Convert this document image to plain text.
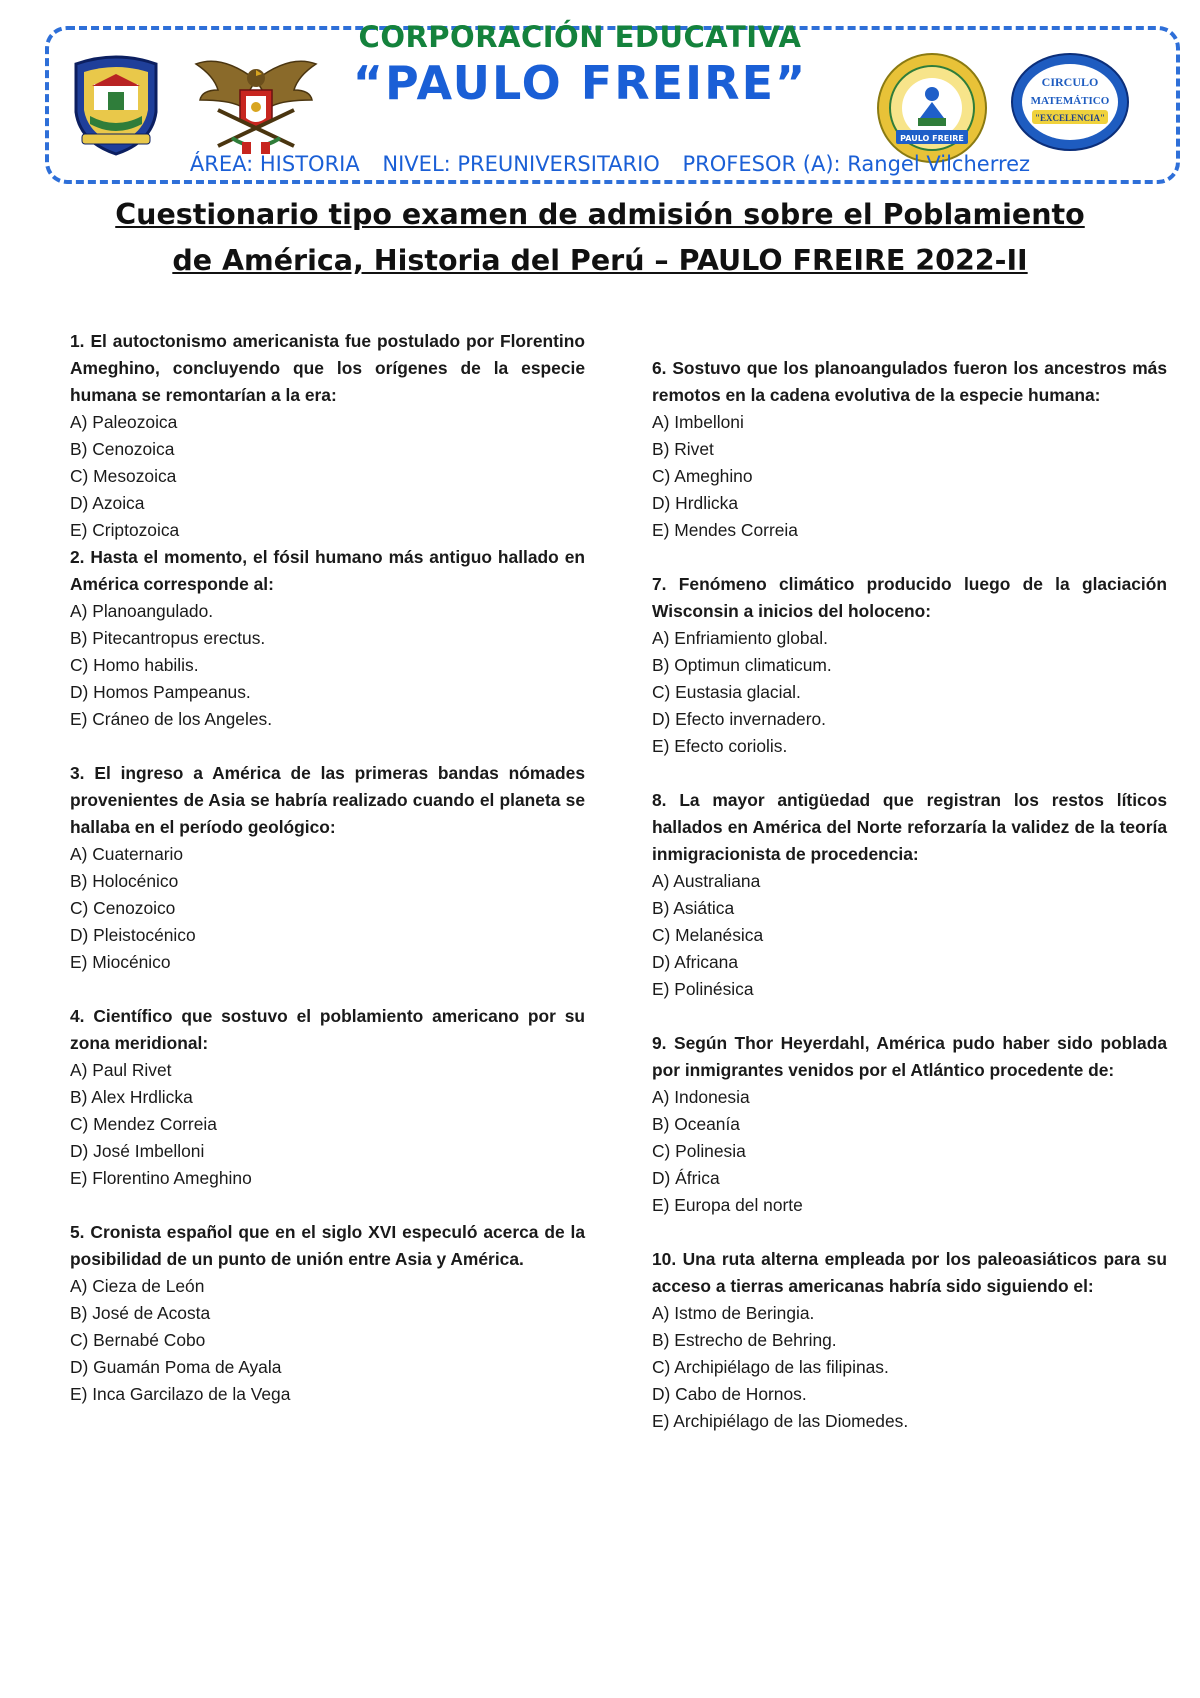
PAULO FREIRE
CIRCULO
MATEMÁTICO
"EXCELENCIA"
CORPORACIÓN EDUCATIVA
“PAULO FREIRE”
ÁREA: HISTORIA NIVEL: PREUNIVERSITARIO PROFESOR (A): Rangel Vilcherrez
Cuestionario tipo examen de admisión sobre el Poblamiento
de América, Historia del Perú – PAULO FREIRE 2022-II
1. El autoctonismo americanista fue postulado por Florentino Ameghino, concluyendo que los orígenes de la especie humana se remontarían a la era:
A) Paleozoica
B) Cenozoica
C) Mesozoica
D) Azoica
E) Criptozoica
2. Hasta el momento, el fósil humano más antiguo hallado en América corresponde al:
A) Planoangulado.
B) Pitecantropus erectus.
C) Homo habilis.
D) Homos Pampeanus.
E) Cráneo de los Angeles.
3. El ingreso a América de las primeras bandas nómades provenientes de Asia se habría realizado cuando el planeta se hallaba en el período geológico:
A) Cuaternario
B) Holocénico
C) Cenozoico
D) Pleistocénico
E) Miocénico
4. Científico que sostuvo el poblamiento americano por su zona meridional:
A) Paul Rivet
B) Alex Hrdlicka
C) Mendez Correia
D) José Imbelloni
E) Florentino Ameghino
5. Cronista español que en el siglo XVI especuló acerca de la posibilidad de un punto de unión entre Asia y América.
A) Cieza de León
B) José de Acosta
C) Bernabé Cobo
D) Guamán Poma de Ayala
E) Inca Garcilazo de la Vega
6. Sostuvo que los planoangulados fueron los ancestros más remotos en la cadena evolutiva de la especie humana:
A) Imbelloni
B) Rivet
C) Ameghino
D) Hrdlicka
E) Mendes Correia
7. Fenómeno climático producido luego de la glaciación Wisconsin a inicios del holoceno:
A) Enfriamiento global.
B) Optimun climaticum.
C) Eustasia glacial.
D) Efecto invernadero.
E) Efecto coriolis.
8. La mayor antigüedad que registran los restos líticos hallados en América del Norte reforzaría la validez de la teoría inmigracionista de procedencia:
A) Australiana
B) Asiática
C) Melanésica
D) Africana
E) Polinésica
9. Según Thor Heyerdahl, América pudo haber sido poblada por inmigrantes venidos por el Atlántico procedente de:
A) Indonesia
B) Oceanía
C) Polinesia
D) África
E) Europa del norte
10. Una ruta alterna empleada por los paleoasiáticos para su acceso a tierras americanas habría sido siguiendo el:
A) Istmo de Beringia.
B) Estrecho de Behring.
C) Archipiélago de las filipinas.
D) Cabo de Hornos.
E) Archipiélago de las Diomedes.
